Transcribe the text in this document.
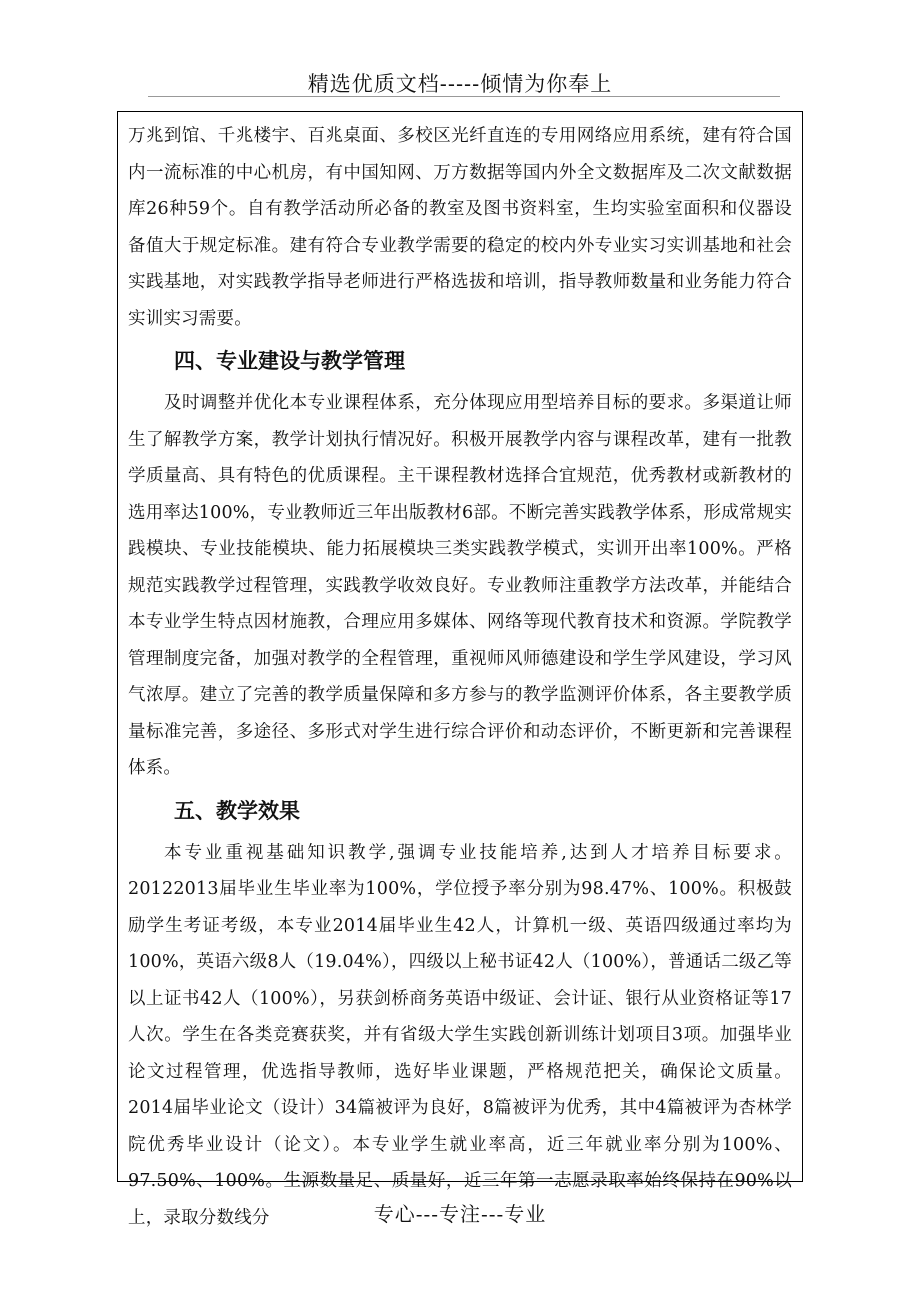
精选优质文档-----倾情为你奉上

万兆到馆、千兆楼宇、百兆桌面、多校区光纤直连的专用网络应用系统，建有符合国内一流标准的中心机房，有中国知网、万方数据等国内外全文数据库及二次文献数据库26种59个。自有教学活动所必备的教室及图书资料室，生均实验室面积和仪器设备值大于规定标准。建有符合专业教学需要的稳定的校内外专业实习实训基地和社会实践基地，对实践教学指导老师进行严格选拔和培训，指导教师数量和业务能力符合实训实习需要。

四、专业建设与教学管理

及时调整并优化本专业课程体系，充分体现应用型培养目标的要求。多渠道让师生了解教学方案，教学计划执行情况好。积极开展教学内容与课程改革，建有一批教学质量高、具有特色的优质课程。主干课程教材选择合宜规范，优秀教材或新教材的选用率达100%，专业教师近三年出版教材6部。不断完善实践教学体系，形成常规实践模块、专业技能模块、能力拓展模块三类实践教学模式，实训开出率100%。严格规范实践教学过程管理，实践教学收效良好。专业教师注重教学方法改革，并能结合本专业学生特点因材施教，合理应用多媒体、网络等现代教育技术和资源。学院教学管理制度完备，加强对教学的全程管理，重视师风师德建设和学生学风建设，学习风气浓厚。建立了完善的教学质量保障和多方参与的教学监测评价体系，各主要教学质量标准完善，多途径、多形式对学生进行综合评价和动态评价，不断更新和完善课程体系。

五、教学效果

本专业重视基础知识教学,强调专业技能培养,达到人才培养目标要求。20122013届毕业生毕业率为100%，学位授予率分别为98.47%、100%。积极鼓励学生考证考级，本专业2014届毕业生42人，计算机一级、英语四级通过率均为100%，英语六级8人（19.04%），四级以上秘书证42人（100%），普通话二级乙等以上证书42人（100%），另获剑桥商务英语中级证、会计证、银行从业资格证等17人次。学生在各类竞赛获奖，并有省级大学生实践创新训练计划项目3项。加强毕业论文过程管理，优选指导教师，选好毕业课题，严格规范把关，确保论文质量。2014届毕业论文（设计）34篇被评为良好，8篇被评为优秀，其中4篇被评为杏林学院优秀毕业设计（论文）。本专业学生就业率高，近三年就业率分别为100%、97.50%、100%。生源数量足、质量好，近三年第一志愿录取率始终保持在90%以上，录取分数线分	专心---专注---专业
